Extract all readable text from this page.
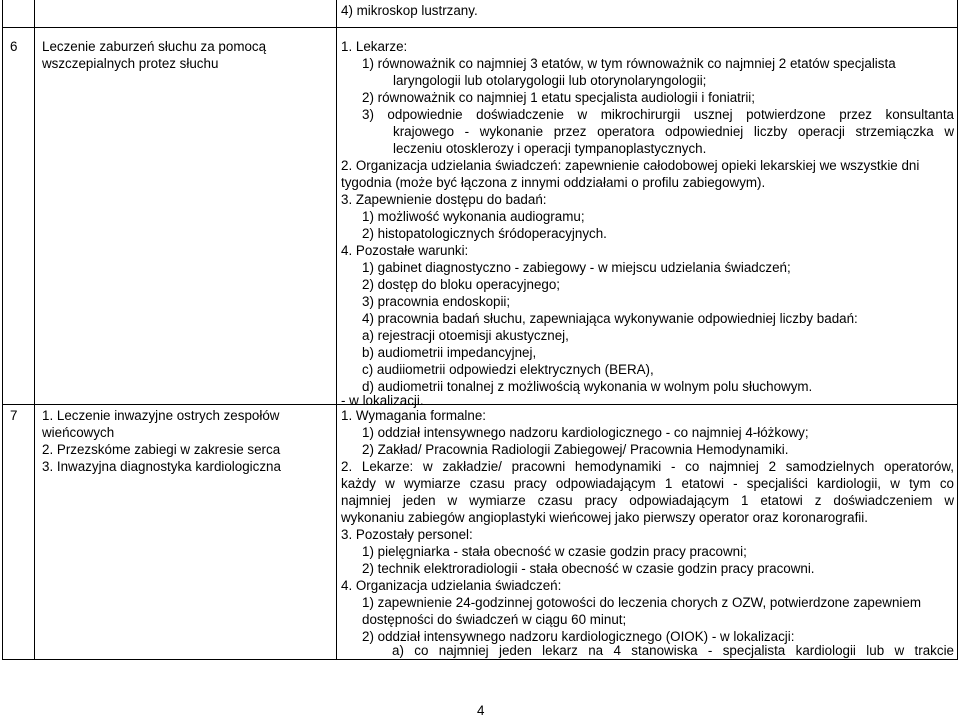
4) mikroskop lustrzany.
6 Leczenie zaburzeń słuchu za pomocą
wszczepialnych protez słuchu
1. Lekarze:
1) równoważnik co najmniej 3 etatów, w tym równoważnik co najmniej 2 etatów specjalista
laryngologii lub otolarygologii lub otorynolaryngologii;
2) równoważnik co najmniej 1 etatu specjalista audiologii i foniatrii;
3) odpowiednie doświadczenie w mikrochirurgii usznej potwierdzone przez konsultanta
krajowego - wykonanie przez operatora odpowiedniej liczby operacji strzemiączka w
leczeniu otosklerozy i operacji tympanoplastycznych.
2. Organizacja udzielania świadczeń: zapewnienie całodobowej opieki lekarskiej we wszystkie dni
tygodnia (może być łączona z innymi oddziałami o profilu zabiegowym).
3. Zapewnienie dostępu do badań:
1) możliwość wykonania audiogramu;
2) histopatologicznych śródoperacyjnych.
4. Pozostałe warunki:
1) gabinet diagnostyczno - zabiegowy - w miejscu udzielania świadczeń;
2) dostęp do bloku operacyjnego;
3) pracownia endoskopii;
4) pracownia badań słuchu, zapewniająca wykonywanie odpowiedniej liczby badań:
a) rejestracji otoemisji akustycznej,
b) audiometrii impedancyjnej,
c) audiiometrii odpowiedzi elektrycznych (BERA),
d) audiometrii tonalnej z możliwością wykonania w wolnym polu słuchowym.
- w lokalizacji.
7 1. Leczenie inwazyjne ostrych zespołów
wieńcowych
2. Przezskóme zabiegi w zakresie serca
3. Inwazyjna diagnostyka kardiologiczna
1. Wymagania formalne:
1) oddział intensywnego nadzoru kardiologicznego - co najmniej 4-łóżkowy;
2) Zakład/ Pracownia Radiologii Zabiegowej/ Pracownia Hemodynamiki.
2. Lekarze: w zakładzie/ pracowni hemodynamiki - co najmniej 2 samodzielnych operatorów,
każdy w wymiarze czasu pracy odpowiadającym 1 etatowi - specjaliści kardiologii, w tym co
najmniej jeden w wymiarze czasu pracy odpowiadającym 1 etatowi z doświadczeniem w
wykonaniu zabiegów angioplastyki wieńcowej jako pierwszy operator oraz koronarografii.
3. Pozostały personel:
1) pielęgniarka - stała obecność w czasie godzin pracy pracowni;
2) technik elektroradiologii - stała obecność w czasie godzin pracy pracowni.
4. Organizacja udzielania świadczeń:
1) zapewnienie 24-godzinnej gotowości do leczenia chorych z OZW, potwierdzone zapewniem
dostępności do świadczeń w ciągu 60 minut;
2) oddział intensywnego nadzoru kardiologicznego (OIOK) - w lokalizacji:
a) co najmniej jeden lekarz na 4 stanowiska - specjalista kardiologii lub w trakcie
4
